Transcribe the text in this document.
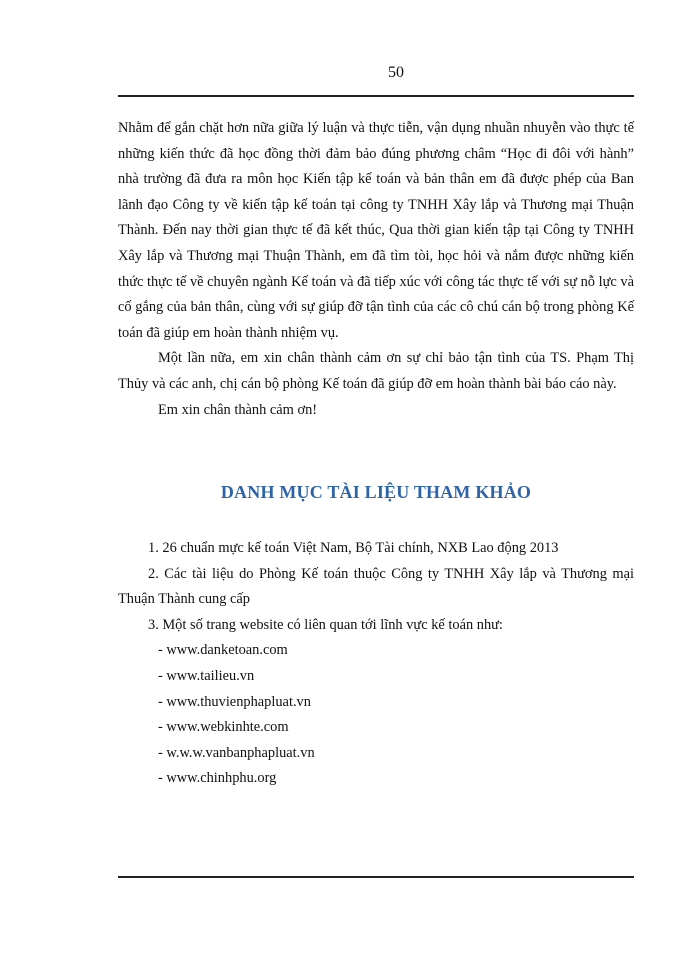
50

Nhằm để gắn chặt hơn nữa giữa lý luận và thực tiễn, vận dụng nhuần nhuyễn vào thực tế những kiến thức đã học đồng thời đảm bảo đúng phương châm “Học đi đôi với hành” nhà trường đã đưa ra môn học Kiến tập kế toán và bản thân em đã được phép của Ban lãnh đạo Công ty về kiến tập kế toán tại công ty TNHH Xây lắp và Thương mại Thuận Thành. Đến nay thời gian thực tế đã kết thúc, Qua thời gian kiến tập tại Công ty TNHH Xây lắp và Thương mại Thuận Thành, em đã tìm tòi, học hỏi và nắm được những kiến thức thực tế về chuyên ngành Kế toán và đã tiếp xúc với công tác thực tế với sự nỗ lực và cố gắng của bản thân, cùng với sự giúp đỡ tận tình của các cô chú cán bộ trong phòng Kế toán đã giúp em hoàn thành nhiệm vụ.

Một lần nữa, em xin chân thành cảm ơn sự chỉ bảo tận tình của TS. Phạm Thị Thủy và các anh, chị cán bộ phòng Kế toán đã giúp đỡ em hoàn thành bài báo cáo này.

Em xin chân thành cảm ơn!

DANH MỤC TÀI LIỆU THAM KHẢO

1. 26 chuẩn mực kế toán Việt Nam, Bộ Tài chính, NXB Lao động 2013

2. Các tài liệu do Phòng Kế toán thuộc Công ty TNHH Xây lắp và Thương mại Thuận Thành cung cấp

3. Một số trang website có liên quan tới lĩnh vực kế toán như:

- www.danketoan.com
- www.tailieu.vn
- www.thuvienphapluat.vn
- www.webkinhte.com
- w.w.w.vanbanphapluat.vn
- www.chinhphu.org
